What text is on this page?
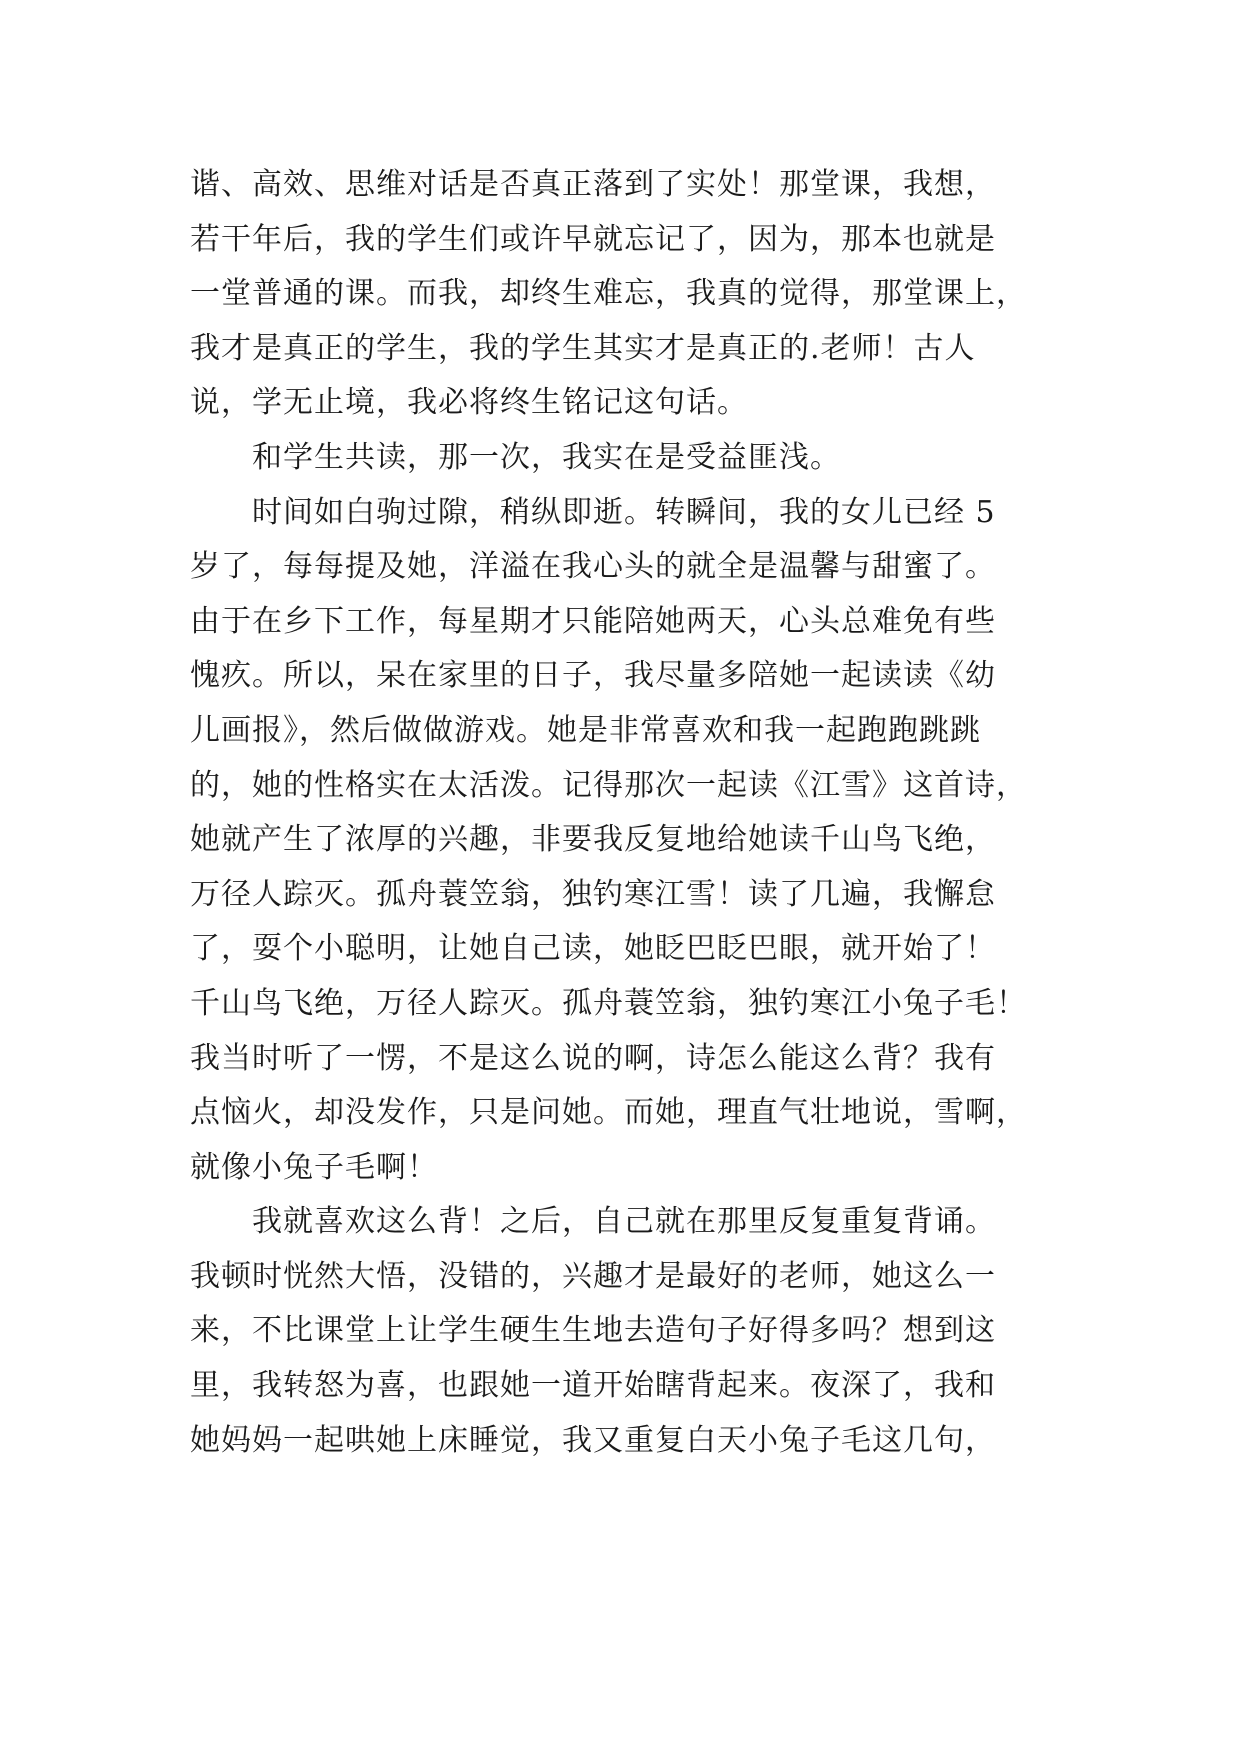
谐、高效、思维对话是否真正落到了实处！那堂课，我想，
若干年后，我的学生们或许早就忘记了，因为，那本也就是
一堂普通的课。而我，却终生难忘，我真的觉得，那堂课上，
我才是真正的学生，我的学生其实才是真正的.老师！古人
说，学无止境，我必将终生铭记这句话。
和学生共读，那一次，我实在是受益匪浅。
时间如白驹过隙，稍纵即逝。转瞬间，我的女儿已经 5
岁了，每每提及她，洋溢在我心头的就全是温馨与甜蜜了。
由于在乡下工作，每星期才只能陪她两天，心头总难免有些
愧疚。所以，呆在家里的日子，我尽量多陪她一起读读《幼
儿画报》，然后做做游戏。她是非常喜欢和我一起跑跑跳跳
的，她的性格实在太活泼。记得那次一起读《江雪》这首诗，
她就产生了浓厚的兴趣，非要我反复地给她读千山鸟飞绝，
万径人踪灭。孤舟蓑笠翁，独钓寒江雪！读了几遍，我懈怠
了，耍个小聪明，让她自己读，她眨巴眨巴眼，就开始了！
千山鸟飞绝，万径人踪灭。孤舟蓑笠翁，独钓寒江小兔子毛！
我当时听了一愣，不是这么说的啊，诗怎么能这么背？我有
点恼火，却没发作，只是问她。而她，理直气壮地说，雪啊，
就像小兔子毛啊！
我就喜欢这么背！之后，自己就在那里反复重复背诵。
我顿时恍然大悟，没错的，兴趣才是最好的老师，她这么一
来，不比课堂上让学生硬生生地去造句子好得多吗？想到这
里，我转怒为喜，也跟她一道开始瞎背起来。夜深了，我和
她妈妈一起哄她上床睡觉，我又重复白天小兔子毛这几句，
